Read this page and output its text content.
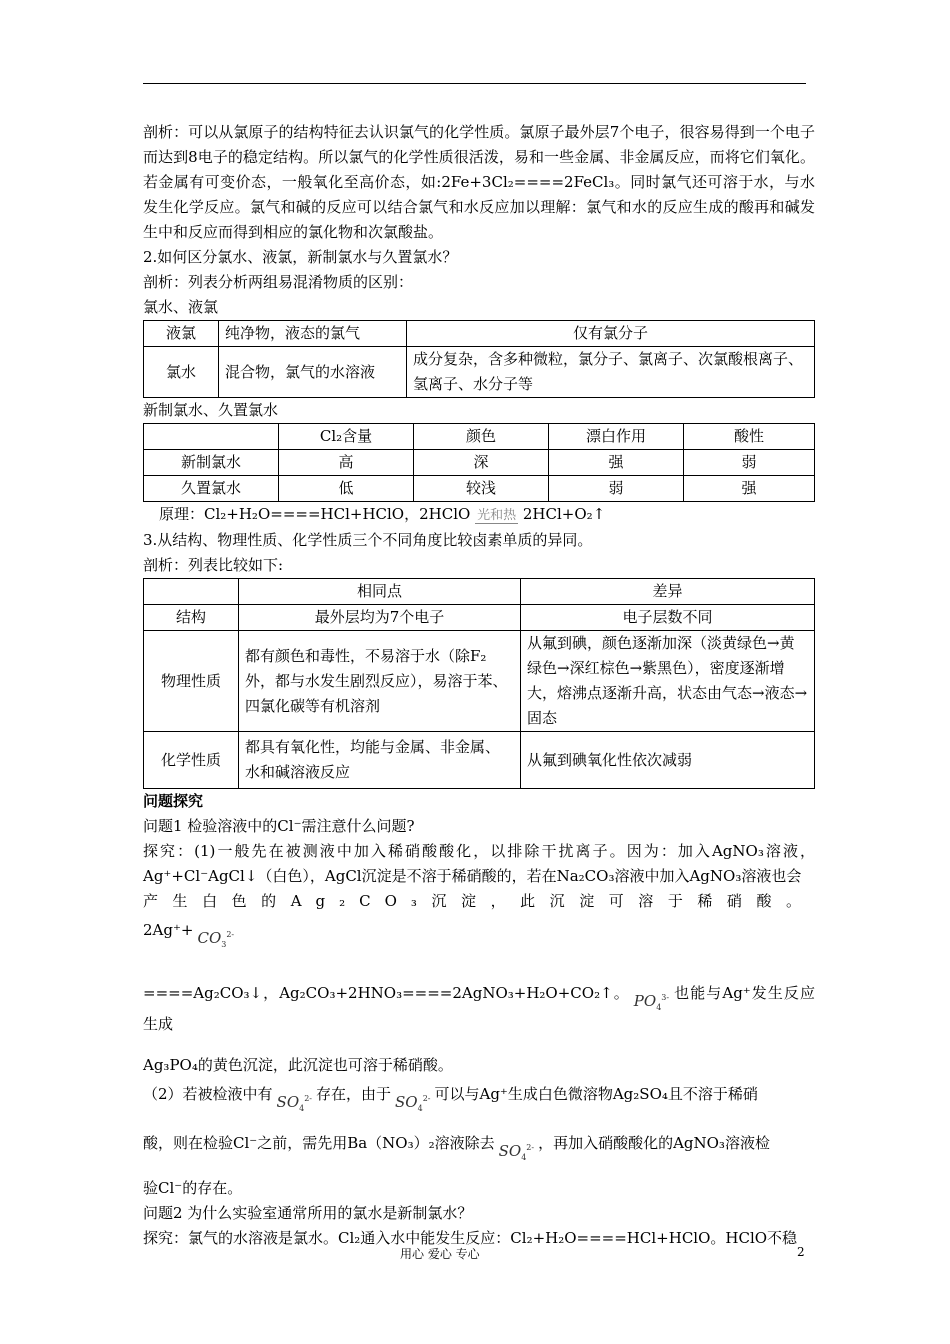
剖析：可以从氯原子的结构特征去认识氯气的化学性质。氯原子最外层7个电子，很容易得到一个电子而达到8电子的稳定结构。所以氯气的化学性质很活泼，易和一些金属、非金属反应，而将它们氧化。若金属有可变价态，一般氧化至高价态，如:2Fe+3Cl₂====2FeCl₃。同时氯气还可溶于水，与水发生化学反应。氯气和碱的反应可以结合氯气和水反应加以理解：氯气和水的反应生成的酸再和碱发生中和反应而得到相应的氯化物和次氯酸盐。

2.如何区分氯水、液氯，新制氯水与久置氯水？

剖析：列表分析两组易混淆物质的区别：

氯水、液氯

液氯	纯净物，液态的氯气	仅有氯分子
氯水	混合物，氯气的水溶液	成分复杂，含多种微粒，氯分子、氯离子、次氯酸根离子、氢离子、水分子等

新制氯水、久置氯水

	Cl₂含量	颜色	漂白作用	酸性
新制氯水	高	深	强	弱
久置氯水	低	较浅	弱	强

原理：Cl₂+H₂O====HCl+HClO，2HClO 光和热 2HCl+O₂↑

3.从结构、物理性质、化学性质三个不同角度比较卤素单质的异同。

剖析：列表比较如下:

	相同点	差异
结构	最外层均为7个电子	电子层数不同
物理性质	都有颜色和毒性，不易溶于水（除F₂外，都与水发生剧烈反应），易溶于苯、四氯化碳等有机溶剂	从氟到碘，颜色逐渐加深（淡黄绿色→黄绿色→深红棕色→紫黑色），密度逐渐增大，熔沸点逐渐升高，状态由气态→液态→固态
化学性质	都具有氧化性，均能与金属、非金属、水和碱溶液反应	从氟到碘氧化性依次减弱

问题探究

问题1 检验溶液中的Cl⁻需注意什么问题?

探究：(1)一般先在被测液中加入稀硝酸酸化，以排除干扰离子。因为：加入AgNO₃溶液，Ag⁺+Cl⁻AgCl↓（白色），AgCl沉淀是不溶于稀硝酸的，若在Na₂CO₃溶液中加入AgNO₃溶液也会

产生白色的Ag₂CO₃沉淀，此沉淀可溶于稀硝酸。$2Ag^++ CO_3^{2-}$

====Ag₂CO₃↓，Ag₂CO₃+2HNO₃====2AgNO₃+H₂O+CO₂↑。 $PO_4^{3-}$ 也能与Ag⁺发生反应生成

Ag₃PO₄的黄色沉淀，此沉淀也可溶于稀硝酸。

（2）若被检液中有 $SO_4^{2-}$ 存在，由于 $SO_4^{2-}$ 可以与Ag⁺生成白色微溶物Ag₂SO₄且不溶于稀硝

酸，则在检验Cl⁻之前，需先用Ba（NO₃）₂溶液除去 $SO_4^{2-}$ ，再加入硝酸酸化的AgNO₃溶液检

验Cl⁻的存在。

问题2 为什么实验室通常所用的氯水是新制氯水？

探究：氯气的水溶液是氯水。Cl₂通入水中能发生反应：Cl₂+H₂O====HCl+HClO。HClO不稳

用心 爱心 专心	2
